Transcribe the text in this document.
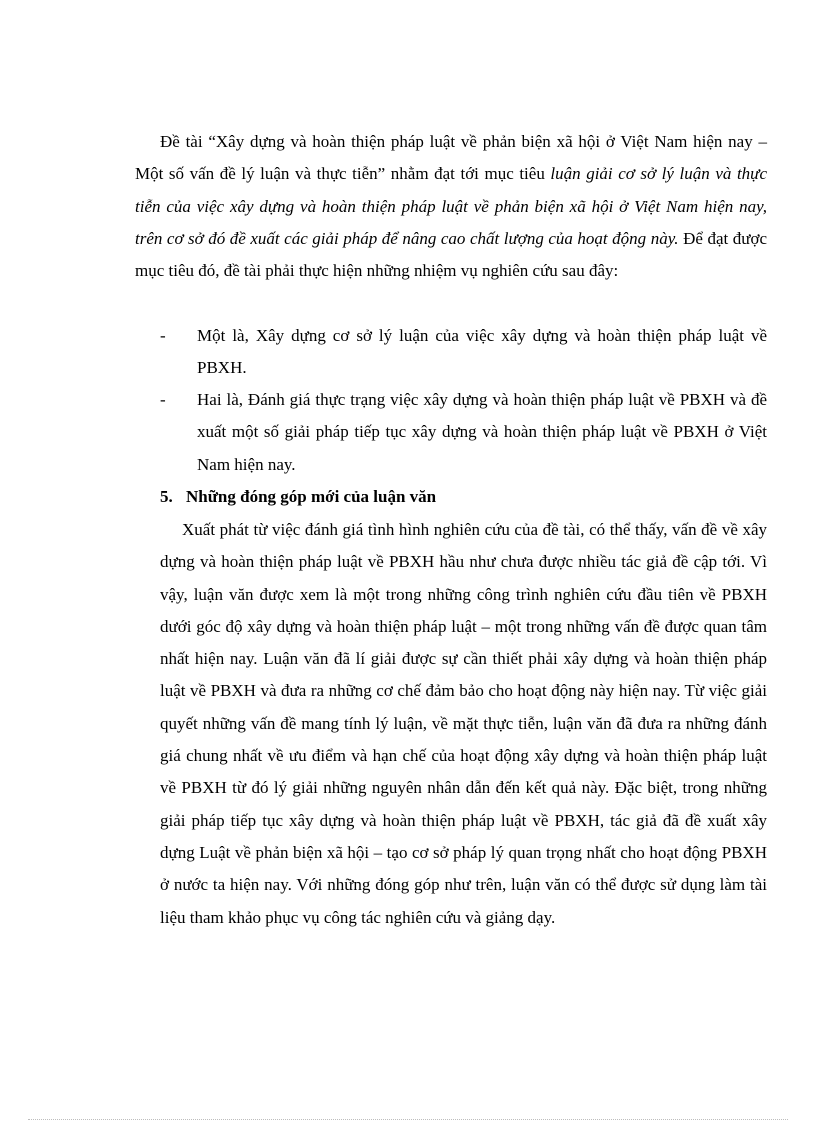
Đề tài “Xây dựng và hoàn thiện pháp luật về phản biện xã hội ở Việt Nam hiện nay – Một số vấn đề lý luận và thực tiễn” nhằm đạt tới mục tiêu luận giải cơ sở lý luận và thực tiễn của việc xây dựng và hoàn thiện pháp luật về phản biện xã hội ở Việt Nam hiện nay, trên cơ sở đó đề xuất các giải pháp để nâng cao chất lượng của hoạt động này. Để đạt được mục tiêu đó, đề tài phải thực hiện những nhiệm vụ nghiên cứu sau đây:

- Một là, Xây dựng cơ sở lý luận của việc xây dựng và hoàn thiện pháp luật về PBXH.
- Hai là, Đánh giá thực trạng việc xây dựng và hoàn thiện pháp luật về PBXH và đề xuất một số giải pháp tiếp tục xây dựng và hoàn thiện pháp luật về PBXH ở Việt Nam hiện nay.
5. Những đóng góp mới của luận văn

Xuất phát từ việc đánh giá tình hình nghiên cứu của đề tài, có thể thấy, vấn đề về xây dựng và hoàn thiện pháp luật về PBXH hầu như chưa được nhiều tác giả đề cập tới. Vì vậy, luận văn được xem là một trong những công trình nghiên cứu đầu tiên về PBXH dưới góc độ xây dựng và hoàn thiện pháp luật – một trong những vấn đề được quan tâm nhất hiện nay. Luận văn đã lí giải được sự cần thiết phải xây dựng và hoàn thiện pháp luật về PBXH và đưa ra những cơ chế đảm bảo cho hoạt động này hiện nay. Từ việc giải quyết những vấn đề mang tính lý luận, về mặt thực tiễn, luận văn đã đưa ra những đánh giá chung nhất về ưu điểm và hạn chế của hoạt động xây dựng và hoàn thiện pháp luật về PBXH từ đó lý giải những nguyên nhân dẫn đến kết quả này. Đặc biệt, trong những giải pháp tiếp tục xây dựng và hoàn thiện pháp luật về PBXH, tác giả đã đề xuất xây dựng Luật về phản biện xã hội – tạo cơ sở pháp lý quan trọng nhất cho hoạt động PBXH ở nước ta hiện nay. Với những đóng góp như trên, luận văn có thể được sử dụng làm tài liệu tham khảo phục vụ công tác nghiên cứu và giảng dạy.
